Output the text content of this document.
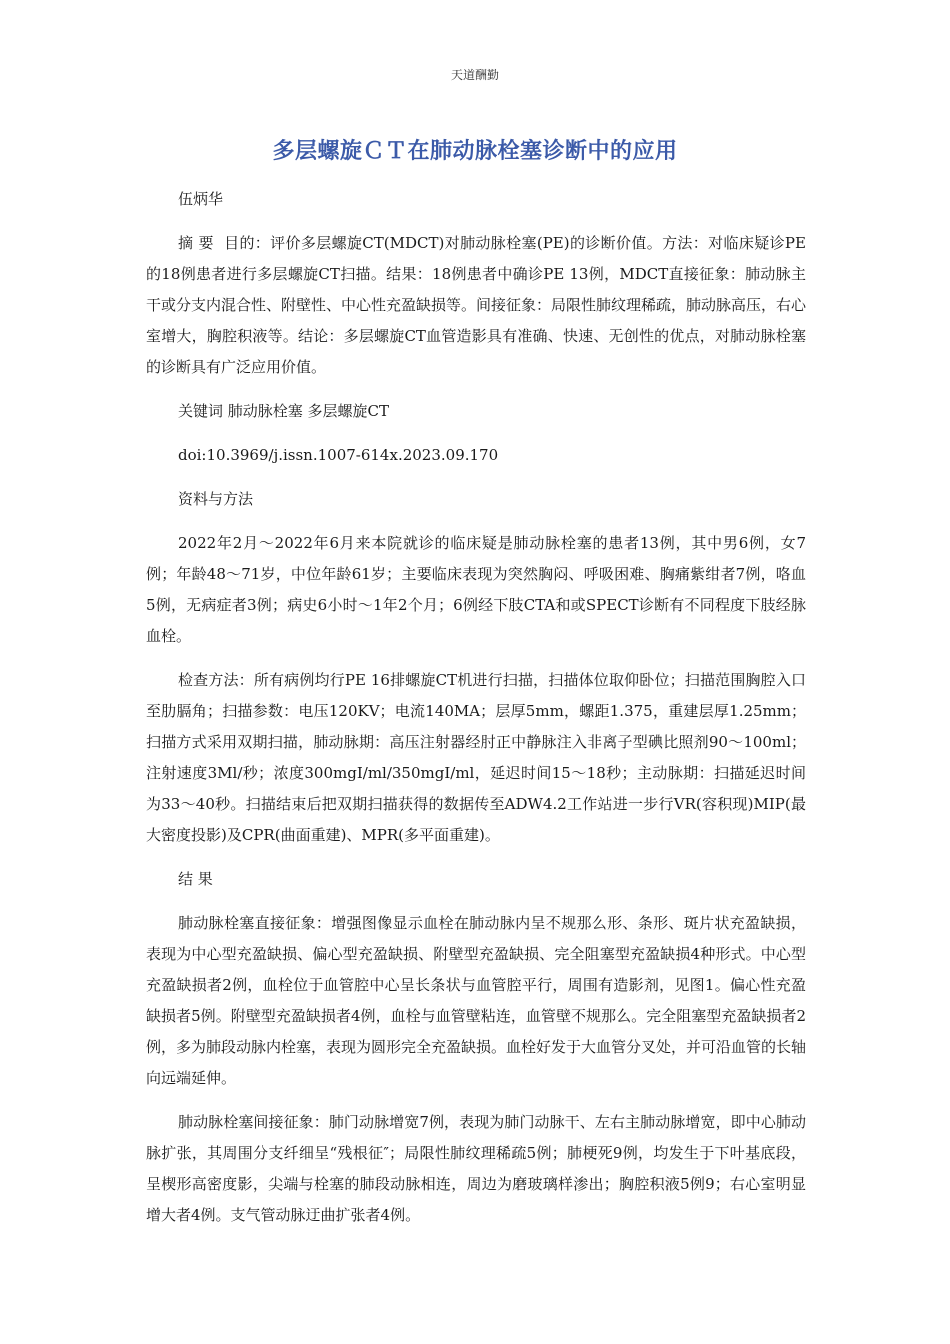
天道酬勤
多层螺旋ＣＴ在肺动脉栓塞诊断中的应用

伍炳华

摘 要 目的：评价多层螺旋CT(MDCT)对肺动脉栓塞(PE)的诊断价值。方法：对临床疑诊PE的18例患者进行多层螺旋CT扫描。结果：18例患者中确诊PE 13例，MDCT直接征象：肺动脉主干或分支内混合性、附壁性、中心性充盈缺损等。间接征象：局限性肺纹理稀疏，肺动脉高压，右心室增大，胸腔积液等。结论：多层螺旋CT血管造影具有准确、快速、无创性的优点，对肺动脉栓塞的诊断具有广泛应用价值。

关键词 肺动脉栓塞 多层螺旋CT

doi:10.3969/j.issn.1007-614x.2023.09.170

资料与方法

2022年2月～2022年6月来本院就诊的临床疑是肺动脉栓塞的患者13例，其中男6例，女7例；年龄48～71岁，中位年龄61岁；主要临床表现为突然胸闷、呼吸困难、胸痛紫绀者7例，咯血5例，无病症者3例；病史6小时～1年2个月；6例经下肢CTA和或SPECT诊断有不同程度下肢经脉血栓。

检查方法：所有病例均行PE 16排螺旋CT机进行扫描，扫描体位取仰卧位；扫描范围胸腔入口至肋膈角；扫描参数：电压120KV；电流140MA；层厚5mm，螺距1.375，重建层厚1.25mm；扫描方式采用双期扫描，肺动脉期：高压注射器经肘正中静脉注入非离子型碘比照剂90～100ml；注射速度3Ml/秒；浓度300mgI/ml/350mgI/ml，延迟时间15～18秒；主动脉期：扫描延迟时间为33～40秒。扫描结束后把双期扫描获得的数据传至ADW4.2工作站进一步行VR(容积现)MIP(最大密度投影)及CPR(曲面重建)、MPR(多平面重建)。

结 果

肺动脉栓塞直接征象：增强图像显示血栓在肺动脉内呈不规那么形、条形、斑片状充盈缺损，表现为中心型充盈缺损、偏心型充盈缺损、附壁型充盈缺损、完全阻塞型充盈缺损4种形式。中心型充盈缺损者2例，血栓位于血管腔中心呈长条状与血管腔平行，周围有造影剂，见图1。偏心性充盈缺损者5例。附壁型充盈缺损者4例，血栓与血管壁粘连，血管壁不规那么。完全阻塞型充盈缺损者2例，多为肺段动脉内栓塞，表现为圆形完全充盈缺损。血栓好发于大血管分叉处，并可沿血管的长轴向远端延伸。

肺动脉栓塞间接征象：肺门动脉增宽7例，表现为肺门动脉干、左右主肺动脉增宽，即中心肺动脉扩张，其周围分支纤细呈“残根征″；局限性肺纹理稀疏5例；肺梗死9例，均发生于下叶基底段，呈楔形高密度影，尖端与栓塞的肺段动脉相连，周边为磨玻璃样渗出；胸腔积液5例9；右心室明显增大者4例。支气管动脉迂曲扩张者4例。
